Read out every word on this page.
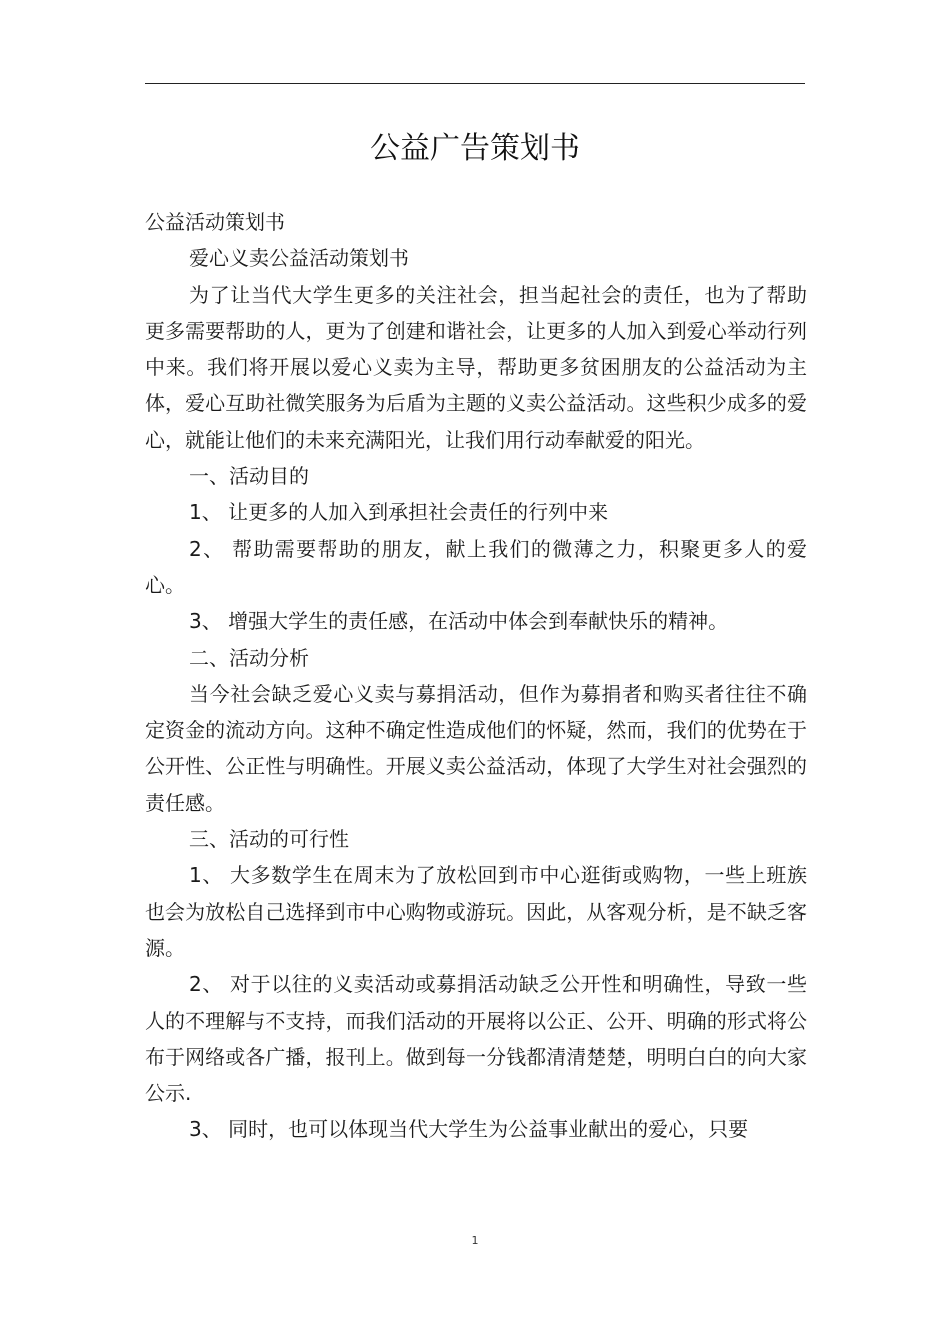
公益广告策划书

公益活动策划书

爱心义卖公益活动策划书

为了让当代大学生更多的关注社会，担当起社会的责任，也为了帮助更多需要帮助的人，更为了创建和谐社会，让更多的人加入到爱心举动行列中来。我们将开展以爱心义卖为主导，帮助更多贫困朋友的公益活动为主体，爱心互助社微笑服务为后盾为主题的义卖公益活动。这些积少成多的爱心，就能让他们的未来充满阳光，让我们用行动奉献爱的阳光。

一、活动目的

1、 让更多的人加入到承担社会责任的行列中来

2、 帮助需要帮助的朋友，献上我们的微薄之力，积聚更多人的爱心。

3、 增强大学生的责任感，在活动中体会到奉献快乐的精神。

二、活动分析

当今社会缺乏爱心义卖与募捐活动，但作为募捐者和购买者往往不确定资金的流动方向。这种不确定性造成他们的怀疑，然而，我们的优势在于公开性、公正性与明确性。开展义卖公益活动，体现了大学生对社会强烈的责任感。

三、活动的可行性

1、 大多数学生在周末为了放松回到市中心逛街或购物，一些上班族也会为放松自己选择到市中心购物或游玩。因此，从客观分析，是不缺乏客源。

2、 对于以往的义卖活动或募捐活动缺乏公开性和明确性，导致一些人的不理解与不支持，而我们活动的开展将以公正、公开、明确的形式将公布于网络或各广播，报刊上。做到每一分钱都清清楚楚，明明白白的向大家公示.

3、 同时，也可以体现当代大学生为公益事业献出的爱心，只要

1
